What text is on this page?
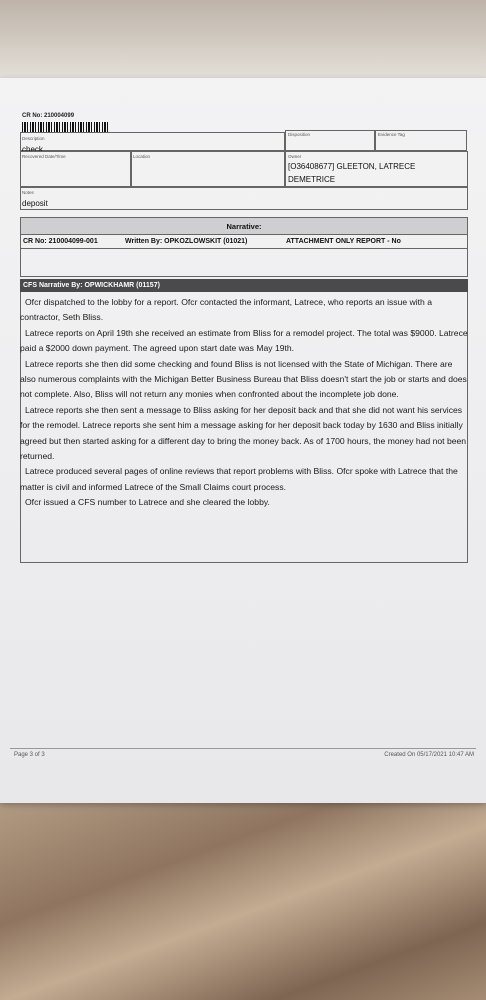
CR No: 210004099
Description
check
Disposition	Evidence Tag
Recovered Date/Time	Location	Owner
[O36408677] GLEETON, LATRECE
DEMETRICE
Notes
deposit
Narrative:
CR No: 210004099-001	Written By: OPKOZLOWSKIT (01021)	ATTACHMENT ONLY REPORT - No
CFS Narrative By: OPWICKHAMR (01157)

Ofcr dispatched to the lobby for a report. Ofcr contacted the informant, Latrece, who reports an issue with a contractor, Seth Bliss.

Latrece reports on April 19th she received an estimate from Bliss for a remodel project. The total was $9000. Latrece paid a $2000 down payment. The agreed upon start date was May 19th.

Latrece reports she then did some checking and found Bliss is not licensed with the State of Michigan. There are also numerous complaints with the Michigan Better Business Bureau that Bliss doesn't start the job or starts and does not complete. Also, Bliss will not return any monies when confronted about the incomplete job done.

Latrece reports she then sent a message to Bliss asking for her deposit back and that she did not want his services for the remodel. Latrece reports she sent him a message asking for her deposit back today by 1630 and Bliss initially agreed but then started asking for a different day to bring the money back. As of 1700 hours, the money had not been returned.

Latrece produced several pages of online reviews that report problems with Bliss. Ofcr spoke with Latrece that the matter is civil and informed Latrece of the Small Claims court process.

Ofcr issued a CFS number to Latrece and she cleared the lobby.

Page 3 of 3	Created On 05/17/2021 10:47 AM
